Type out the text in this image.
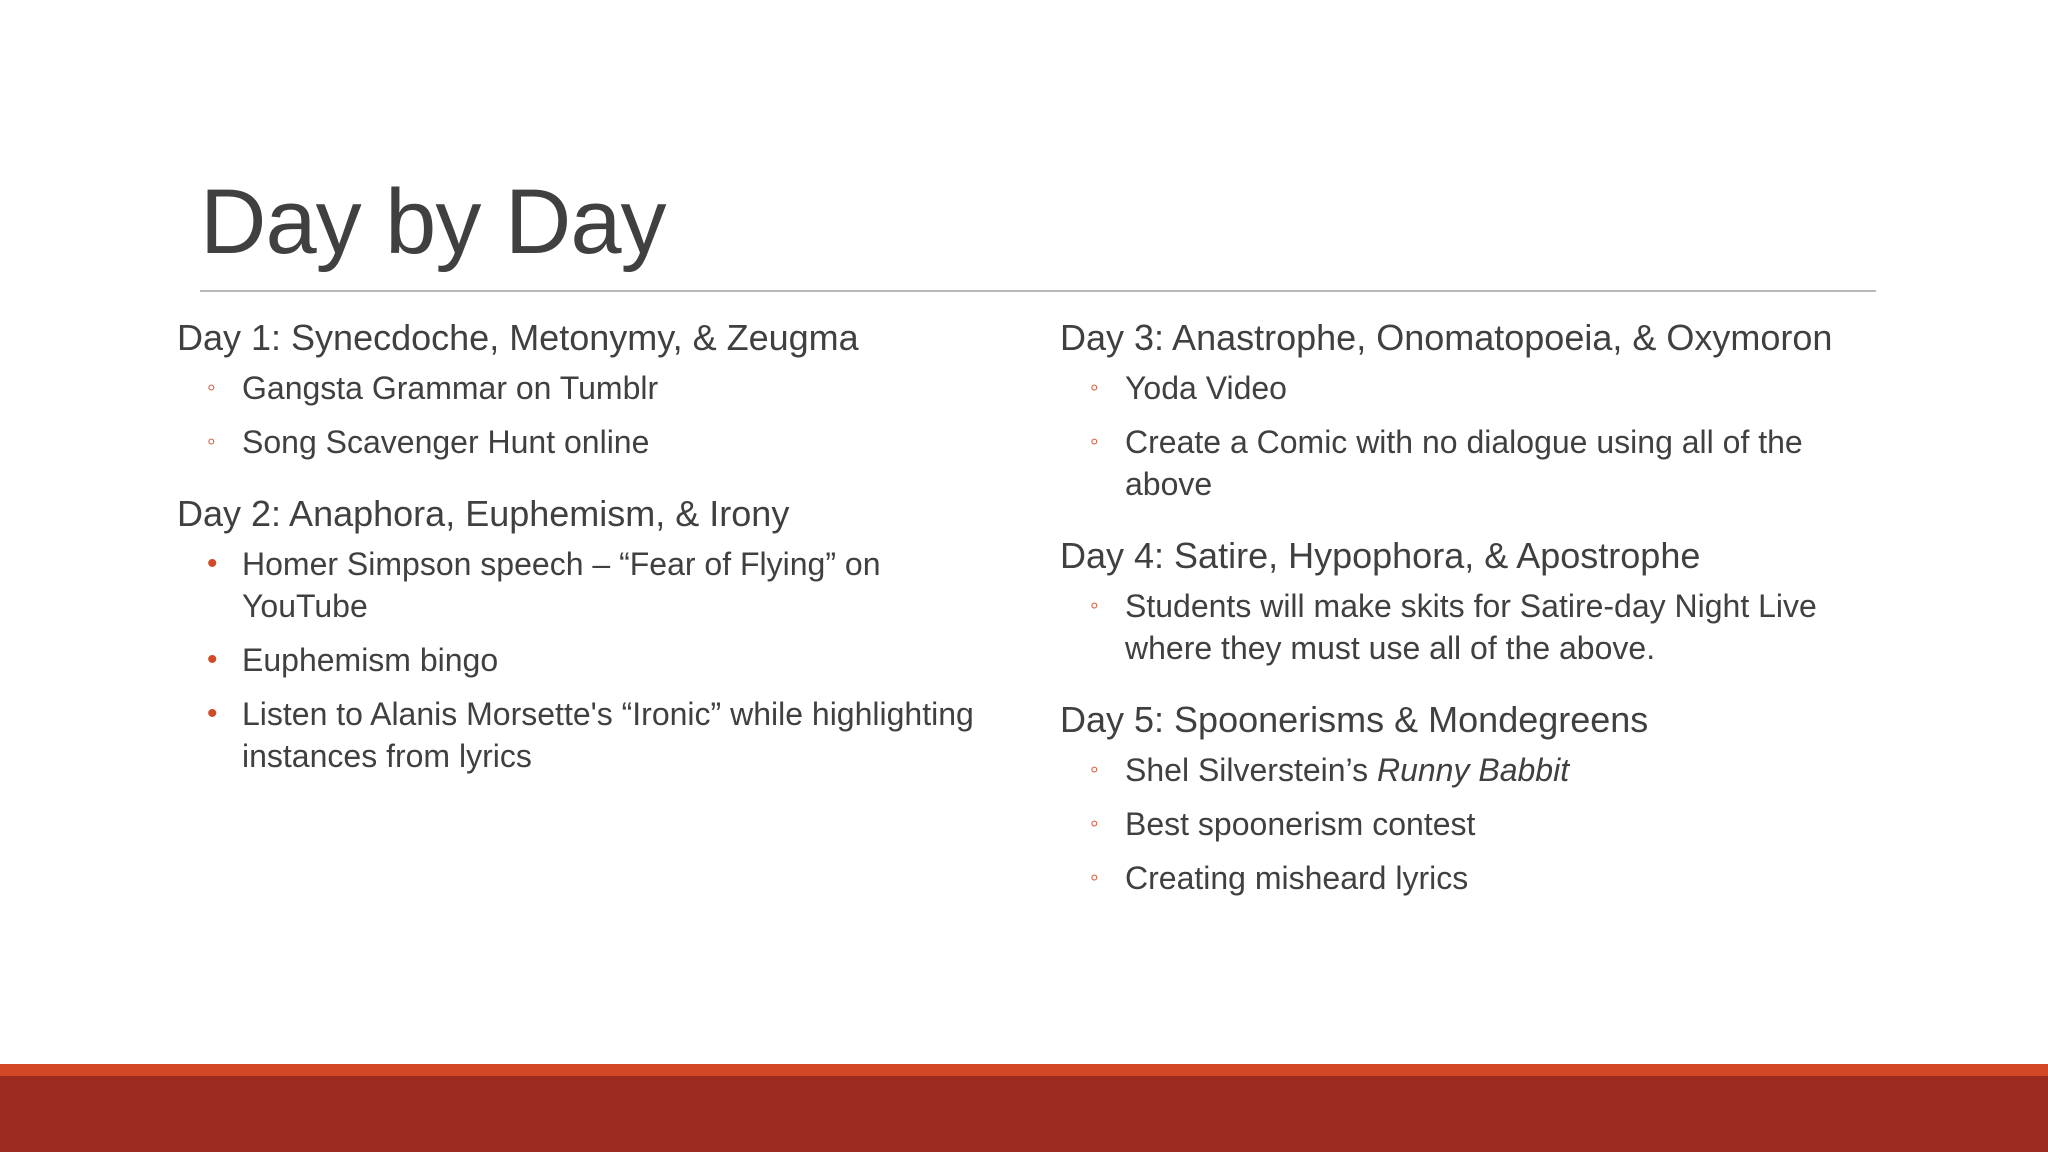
Day by Day
Day 1: Synecdoche, Metonymy, & Zeugma
◦ Gangsta Grammar on Tumblr
◦ Song Scavenger Hunt online
Day 2: Anaphora, Euphemism, & Irony
• Homer Simpson speech – “Fear of Flying” on YouTube
• Euphemism bingo
• Listen to Alanis Morsette's “Ironic” while highlighting instances from lyrics
Day 3: Anastrophe, Onomatopoeia, & Oxymoron
◦ Yoda Video
◦ Create a Comic with no dialogue using all of the above
Day 4: Satire, Hypophora, & Apostrophe
◦ Students will make skits for Satire-day Night Live where they must use all of the above.
Day 5: Spoonerisms & Mondegreens
◦ Shel Silverstein’s Runny Babbit
◦ Best spoonerism contest
◦ Creating misheard lyrics
